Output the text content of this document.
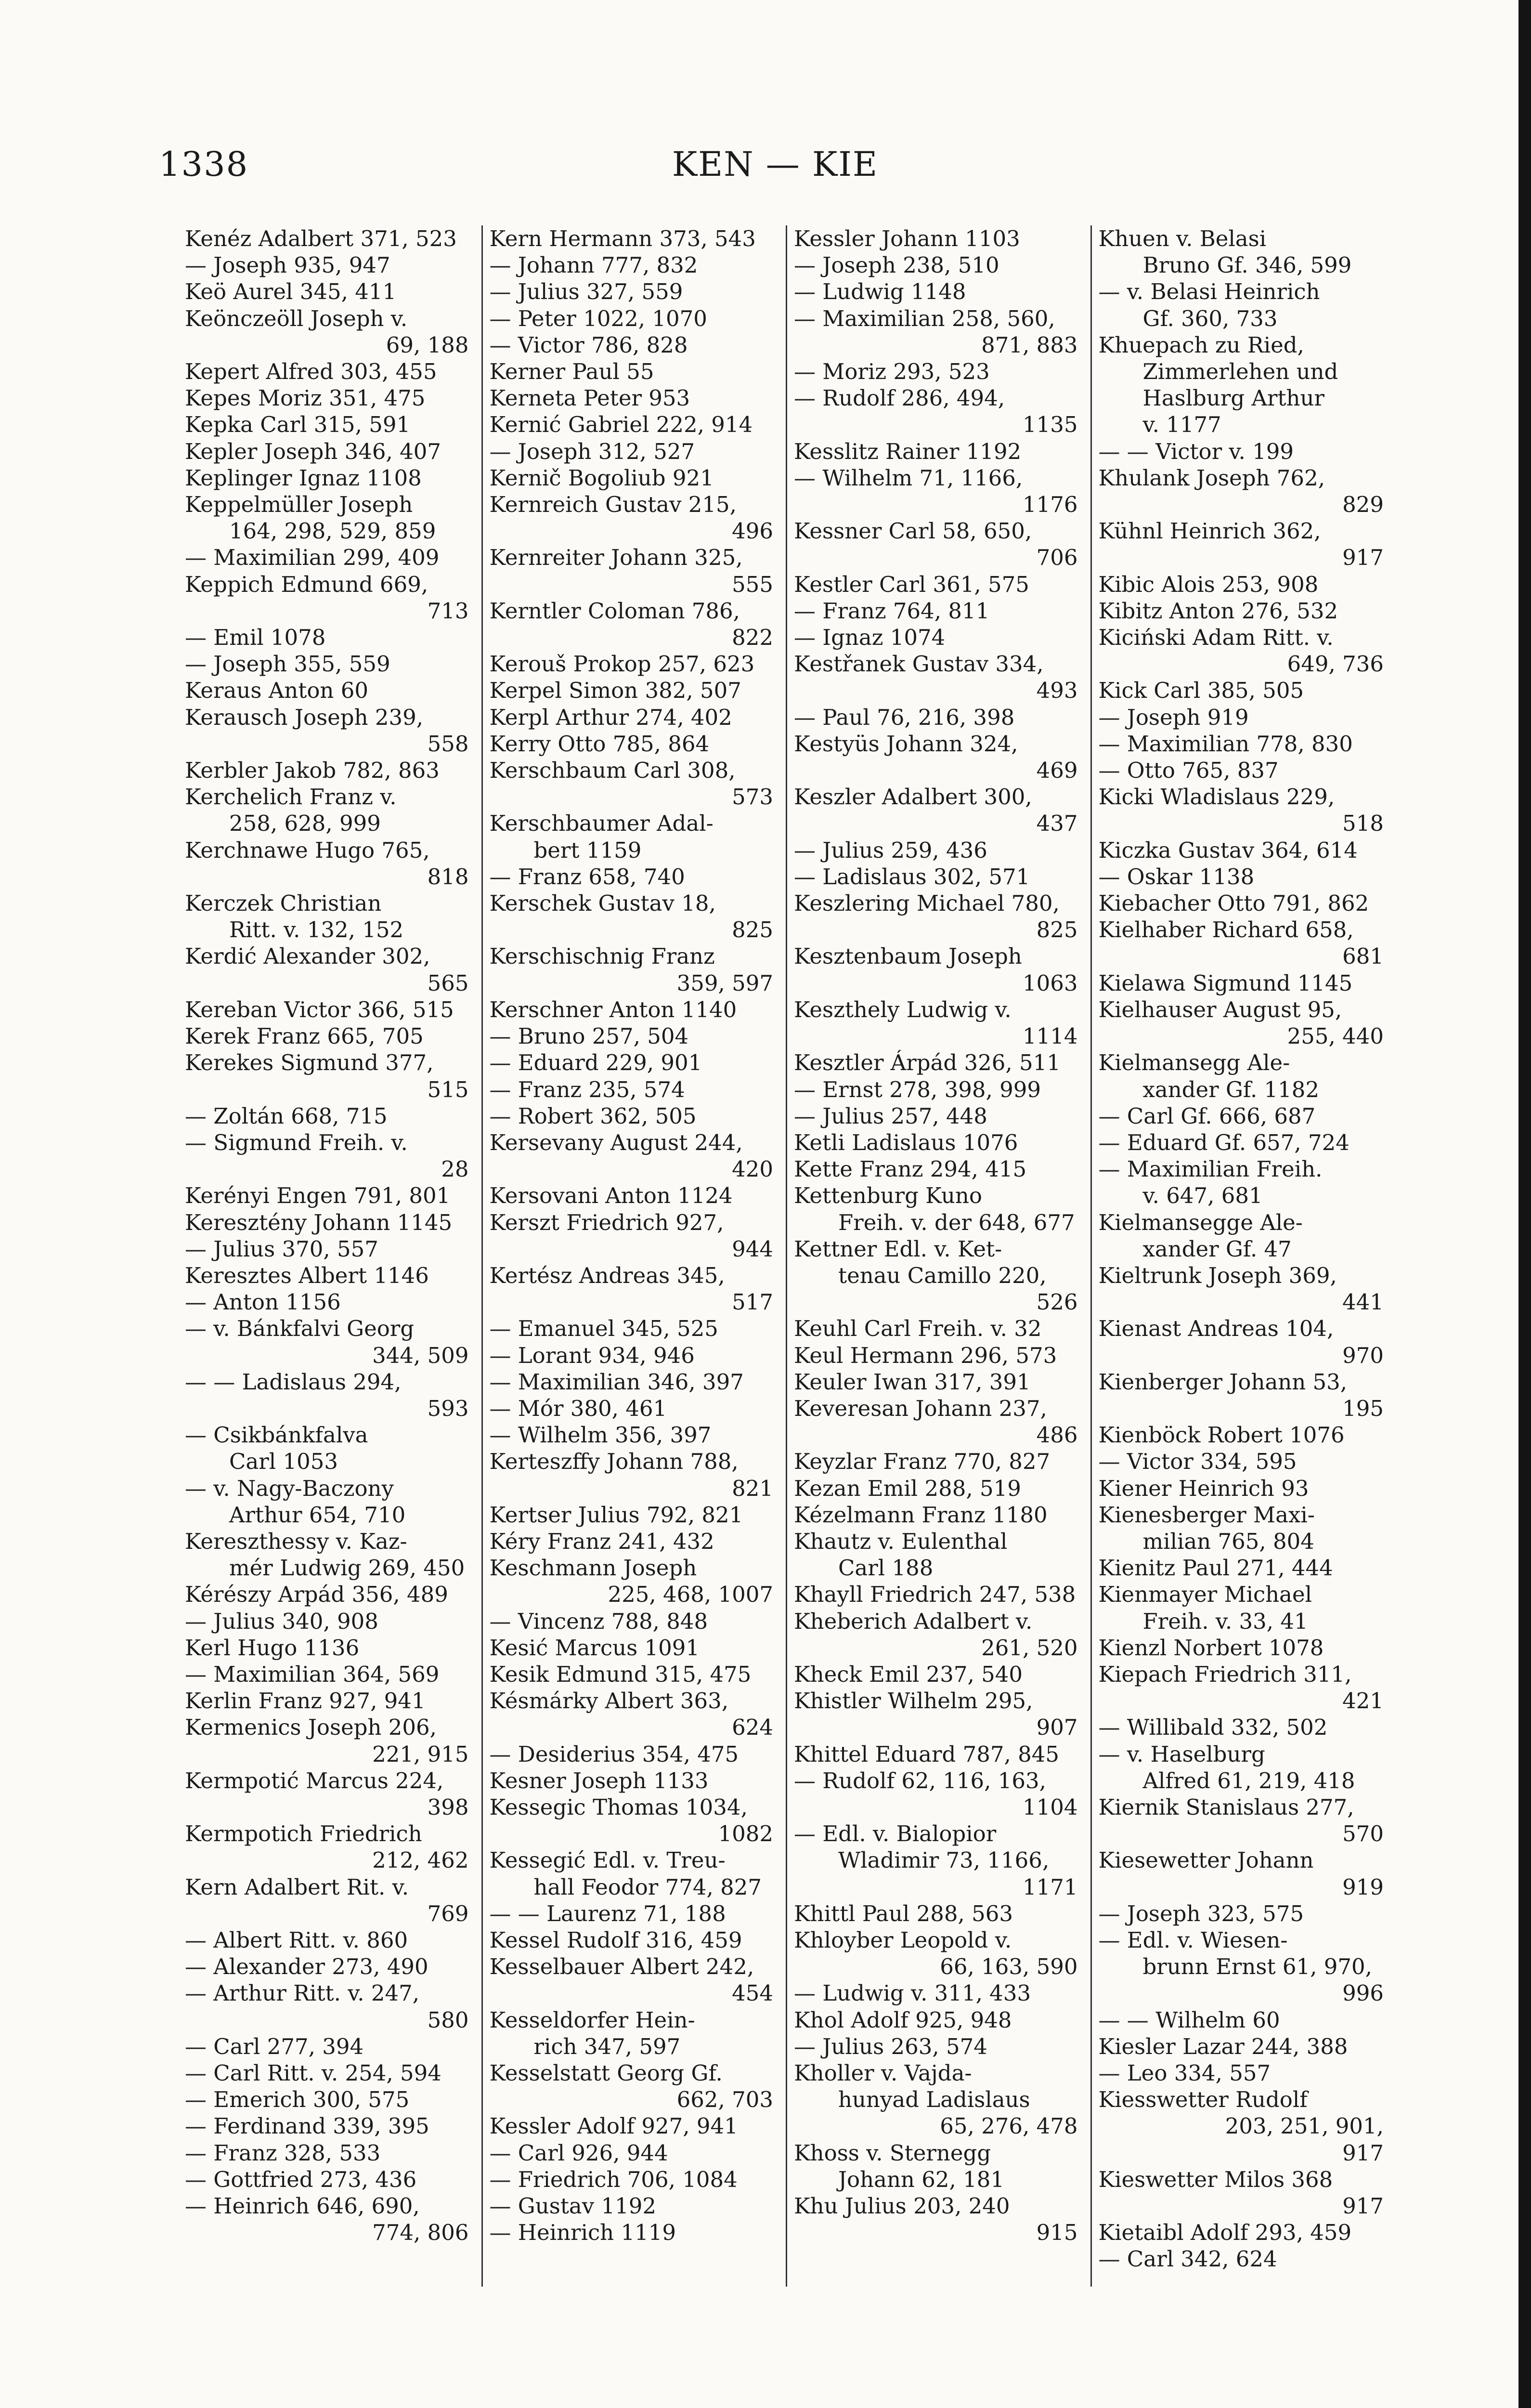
1338	KEN — KIE
Kenéz Adalbert 371, 523
— Joseph 935, 947
Keö Aurel 345, 411
Keönczeöll Joseph v.
69, 188
Kepert Alfred 303, 455
Kepes Moriz 351, 475
Kepka Carl 315, 591
Kepler Joseph 346, 407
Keplinger Ignaz 1108
Keppelmüller Joseph
164, 298, 529, 859
— Maximilian 299, 409
Keppich Edmund 669,
713
— Emil 1078
— Joseph 355, 559
Keraus Anton 60
Kerausch Joseph 239,
558
Kerbler Jakob 782, 863
Kerchelich Franz v.
258, 628, 999
Kerchnawe Hugo 765,
818
Kerczek Christian
Ritt. v. 132, 152
Kerdić Alexander 302,
565
Kereban Victor 366, 515
Kerek Franz 665, 705
Kerekes Sigmund 377,
515
— Zoltán 668, 715
— Sigmund Freih. v.
28
Kerényi Engen 791, 801
Keresztény Johann 1145
— Julius 370, 557
Keresztes Albert 1146
— Anton 1156
— v. Bánkfalvi Georg
344, 509
— — Ladislaus 294,
593
— Csikbánkfalva
Carl 1053
— v. Nagy-Baczony
Arthur 654, 710
Kereszthessy v. Kaz-
mér Ludwig 269, 450
Kérészy Arpád 356, 489
— Julius 340, 908
Kerl Hugo 1136
— Maximilian 364, 569
Kerlin Franz 927, 941
Kermenics Joseph 206,
221, 915
Kermpotić Marcus 224,
398
Kermpotich Friedrich
212, 462
Kern Adalbert Rit. v.
769
— Albert Ritt. v. 860
— Alexander 273, 490
— Arthur Ritt. v. 247,
580
— Carl 277, 394
— Carl Ritt. v. 254, 594
— Emerich 300, 575
— Ferdinand 339, 395
— Franz 328, 533
— Gottfried 273, 436
— Heinrich 646, 690,
774, 806
Kern Hermann 373, 543
— Johann 777, 832
— Julius 327, 559
— Peter 1022, 1070
— Victor 786, 828
Kerner Paul 55
Kerneta Peter 953
Kernić Gabriel 222, 914
— Joseph 312, 527
Kernič Bogoliub 921
Kernreich Gustav 215,
496
Kernreiter Johann 325,
555
Kerntler Coloman 786,
822
Kerouš Prokop 257, 623
Kerpel Simon 382, 507
Kerpl Arthur 274, 402
Kerry Otto 785, 864
Kerschbaum Carl 308,
573
Kerschbaumer Adal-
bert 1159
— Franz 658, 740
Kerschek Gustav 18,
825
Kerschischnig Franz
359, 597
Kerschner Anton 1140
— Bruno 257, 504
— Eduard 229, 901
— Franz 235, 574
— Robert 362, 505
Kersevany August 244,
420
Kersovani Anton 1124
Kerszt Friedrich 927,
944
Kertész Andreas 345,
517
— Emanuel 345, 525
— Lorant 934, 946
— Maximilian 346, 397
— Mór 380, 461
— Wilhelm 356, 397
Kerteszffy Johann 788,
821
Kertser Julius 792, 821
Kéry Franz 241, 432
Keschmann Joseph
225, 468, 1007
— Vincenz 788, 848
Kesić Marcus 1091
Kesik Edmund 315, 475
Késmárky Albert 363,
624
— Desiderius 354, 475
Kesner Joseph 1133
Kessegic Thomas 1034,
1082
Kessegić Edl. v. Treu-
hall Feodor 774, 827
— — Laurenz 71, 188
Kessel Rudolf 316, 459
Kesselbauer Albert 242,
454
Kesseldorfer Hein-
rich 347, 597
Kesselstatt Georg Gf.
662, 703
Kessler Adolf 927, 941
— Carl 926, 944
— Friedrich 706, 1084
— Gustav 1192
— Heinrich 1119
Kessler Johann 1103
— Joseph 238, 510
— Ludwig 1148
— Maximilian 258, 560,
871, 883
— Moriz 293, 523
— Rudolf 286, 494,
1135
Kesslitz Rainer 1192
— Wilhelm 71, 1166,
1176
Kessner Carl 58, 650,
706
Kestler Carl 361, 575
— Franz 764, 811
— Ignaz 1074
Kestřanek Gustav 334,
493
— Paul 76, 216, 398
Kestyüs Johann 324,
469
Keszler Adalbert 300,
437
— Julius 259, 436
— Ladislaus 302, 571
Keszlering Michael 780,
825
Kesztenbaum Joseph
1063
Keszthely Ludwig v.
1114
Kesztler Árpád 326, 511
— Ernst 278, 398, 999
— Julius 257, 448
Ketli Ladislaus 1076
Kette Franz 294, 415
Kettenburg Kuno
Freih. v. der 648, 677
Kettner Edl. v. Ket-
tenau Camillo 220,
526
Keuhl Carl Freih. v. 32
Keul Hermann 296, 573
Keuler Iwan 317, 391
Keveresan Johann 237,
486
Keyzlar Franz 770, 827
Kezan Emil 288, 519
Kézelmann Franz 1180
Khautz v. Eulenthal
Carl 188
Khayll Friedrich 247, 538
Kheberich Adalbert v.
261, 520
Kheck Emil 237, 540
Khistler Wilhelm 295,
907
Khittel Eduard 787, 845
— Rudolf 62, 116, 163,
1104
— Edl. v. Bialopior
Wladimir 73, 1166,
1171
Khittl Paul 288, 563
Khloyber Leopold v.
66, 163, 590
— Ludwig v. 311, 433
Khol Adolf 925, 948
— Julius 263, 574
Kholler v. Vajda-
hunyad Ladislaus
65, 276, 478
Khoss v. Sternegg
Johann 62, 181
Khu Julius 203, 240
915
Khuen v. Belasi
Bruno Gf. 346, 599
— v. Belasi Heinrich
Gf. 360, 733
Khuepach zu Ried,
Zimmerlehen und
Haslburg Arthur
v. 1177
— — Victor v. 199
Khulank Joseph 762,
829
Kühnl Heinrich 362,
917
Kibic Alois 253, 908
Kibitz Anton 276, 532
Kiciński Adam Ritt. v.
649, 736
Kick Carl 385, 505
— Joseph 919
— Maximilian 778, 830
— Otto 765, 837
Kicki Wladislaus 229,
518
Kiczka Gustav 364, 614
— Oskar 1138
Kiebacher Otto 791, 862
Kielhaber Richard 658,
681
Kielawa Sigmund 1145
Kielhauser August 95,
255, 440
Kielmansegg Ale-
xander Gf. 1182
— Carl Gf. 666, 687
— Eduard Gf. 657, 724
— Maximilian Freih.
v. 647, 681
Kielmansegge Ale-
xander Gf. 47
Kieltrunk Joseph 369,
441
Kienast Andreas 104,
970
Kienberger Johann 53,
195
Kienböck Robert 1076
— Victor 334, 595
Kiener Heinrich 93
Kienesberger Maxi-
milian 765, 804
Kienitz Paul 271, 444
Kienmayer Michael
Freih. v. 33, 41
Kienzl Norbert 1078
Kiepach Friedrich 311,
421
— Willibald 332, 502
— v. Haselburg
Alfred 61, 219, 418
Kiernik Stanislaus 277,
570
Kiesewetter Johann
919
— Joseph 323, 575
— Edl. v. Wiesen-
brunn Ernst 61, 970,
996
— — Wilhelm 60
Kiesler Lazar 244, 388
— Leo 334, 557
Kiesswetter Rudolf
203, 251, 901,
917
Kieswetter Milos 368
917
Kietaibl Adolf 293, 459
— Carl 342, 624
